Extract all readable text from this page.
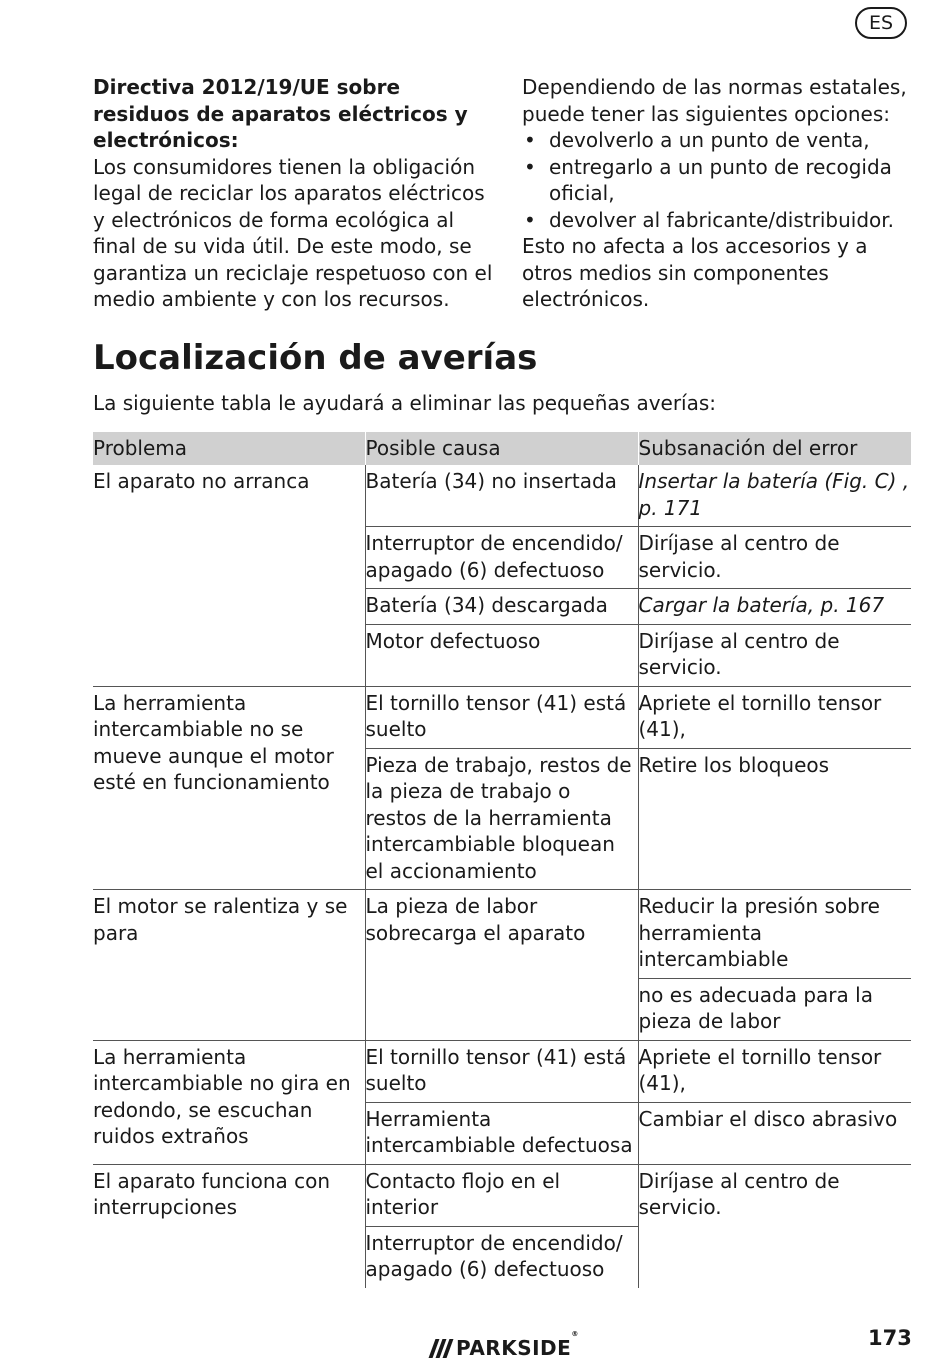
ES
Directiva 2012/19/UE sobre residuos de aparatos eléctricos y electrónicos:

Los consumidores tienen la obligación legal de reciclar los aparatos eléctricos y electrónicos de forma ecológica al final de su vida útil. De este modo, se garantiza un reciclaje respetuoso con el medio ambiente y con los recursos.

Dependiendo de las normas estatales, puede tener las siguientes opciones:

• devolverlo a un punto de venta,
• entregarlo a un punto de recogida oficial,
• devolver al fabricante/distribuidor.

Esto no afecta a los accesorios y a otros medios sin componentes electrónicos.

Localización de averías

La siguiente tabla le ayudará a eliminar las pequeñas averías:

Problema	Posible causa	Subsanación del error
El aparato no arranca	Batería (34) no insertada	Insertar la batería (Fig. C) , p. 171
	Interruptor de encendido/ apagado (6) defectuoso	Diríjase al centro de servicio.
	Batería (34) descargada	Cargar la batería, p. 167
	Motor defectuoso	Diríjase al centro de servicio.
La herramienta intercambiable no se mueve aunque el motor esté en funcionamiento	El tornillo tensor (41) está suelto	Apriete el tornillo tensor (41),
	Pieza de trabajo, restos de la pieza de trabajo o restos de la herramienta intercambiable bloquean el accionamiento	Retire los bloqueos
El motor se ralentiza y se para	La pieza de labor sobrecarga el aparato	Reducir la presión sobre herramienta intercambiable
		no es adecuada para la pieza de labor
La herramienta intercambiable no gira en redondo, se escuchan ruidos extraños	El tornillo tensor (41) está suelto	Apriete el tornillo tensor (41),
	Herramienta intercambiable defectuosa	Cambiar el disco abrasivo
El aparato funciona con interrupciones	Contacto flojo en el interior	Diríjase al centro de servicio.
	Interruptor de encendido/ apagado (6) defectuoso	
PARKSIDE®	173
